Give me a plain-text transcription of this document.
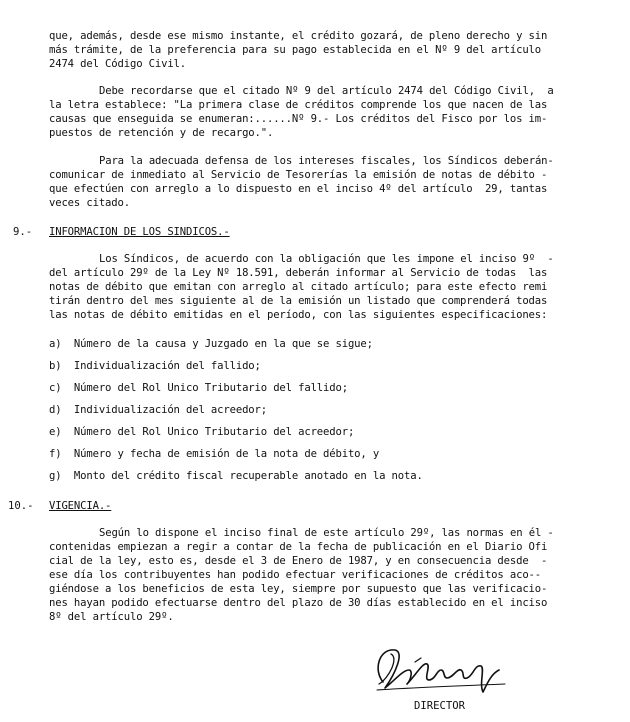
que, además, desde ese mismo instante, el crédito gozará, de pleno derecho y sin
más trámite, de la preferencia para su pago establecida en el Nº 9 del artículo
2474 del Código Civil.
Debe recordarse que el citado Nº 9 del artículo 2474 del Código Civil,  a
la letra establece: "La primera clase de créditos comprende los que nacen de las
causas que enseguida se enumeran:......Nº 9.- Los créditos del Fisco por los im-
puestos de retención y de recargo.".
Para la adecuada defensa de los intereses fiscales, los Síndicos deberán-
comunicar de inmediato al Servicio de Tesorerías la emisión de notas de débito -
que efectúen con arreglo a lo dispuesto en el inciso 4º del artículo  29, tantas
veces citado.
9.- INFORMACION DE LOS SINDICOS.-
Los Síndicos, de acuerdo con la obligación que les impone el inciso 9º  -
del artículo 29º de la Ley Nº 18.591, deberán informar al Servicio de todas  las
notas de débito que emitan con arreglo al citado artículo; para este efecto remi
tirán dentro del mes siguiente al de la emisión un listado que comprenderá todas
las notas de débito emitidas en el período, con las siguientes especificaciones:
a)  Número de la causa y Juzgado en la que se sigue;
b)  Individualización del fallido;
c)  Número del Rol Unico Tributario del fallido;
d)  Individualización del acreedor;
e)  Número del Rol Unico Tributario del acreedor;
f)  Número y fecha de emisión de la nota de débito, y
g)  Monto del crédito fiscal recuperable anotado en la nota.
10.- VIGENCIA.-
Según lo dispone el inciso final de este artículo 29º, las normas en él -
contenidas empiezan a regir a contar de la fecha de publicación en el Diario Ofi
cial de la ley, esto es, desde el 3 de Enero de 1987, y en consecuencia desde  -
ese día los contribuyentes han podido efectuar verificaciones de créditos aco--
giéndose a los beneficios de esta ley, siempre por supuesto que las verificacio-
nes hayan podido efectuarse dentro del plazo de 30 días establecido en el inciso
8º del artículo 29º.
DIRECTOR
